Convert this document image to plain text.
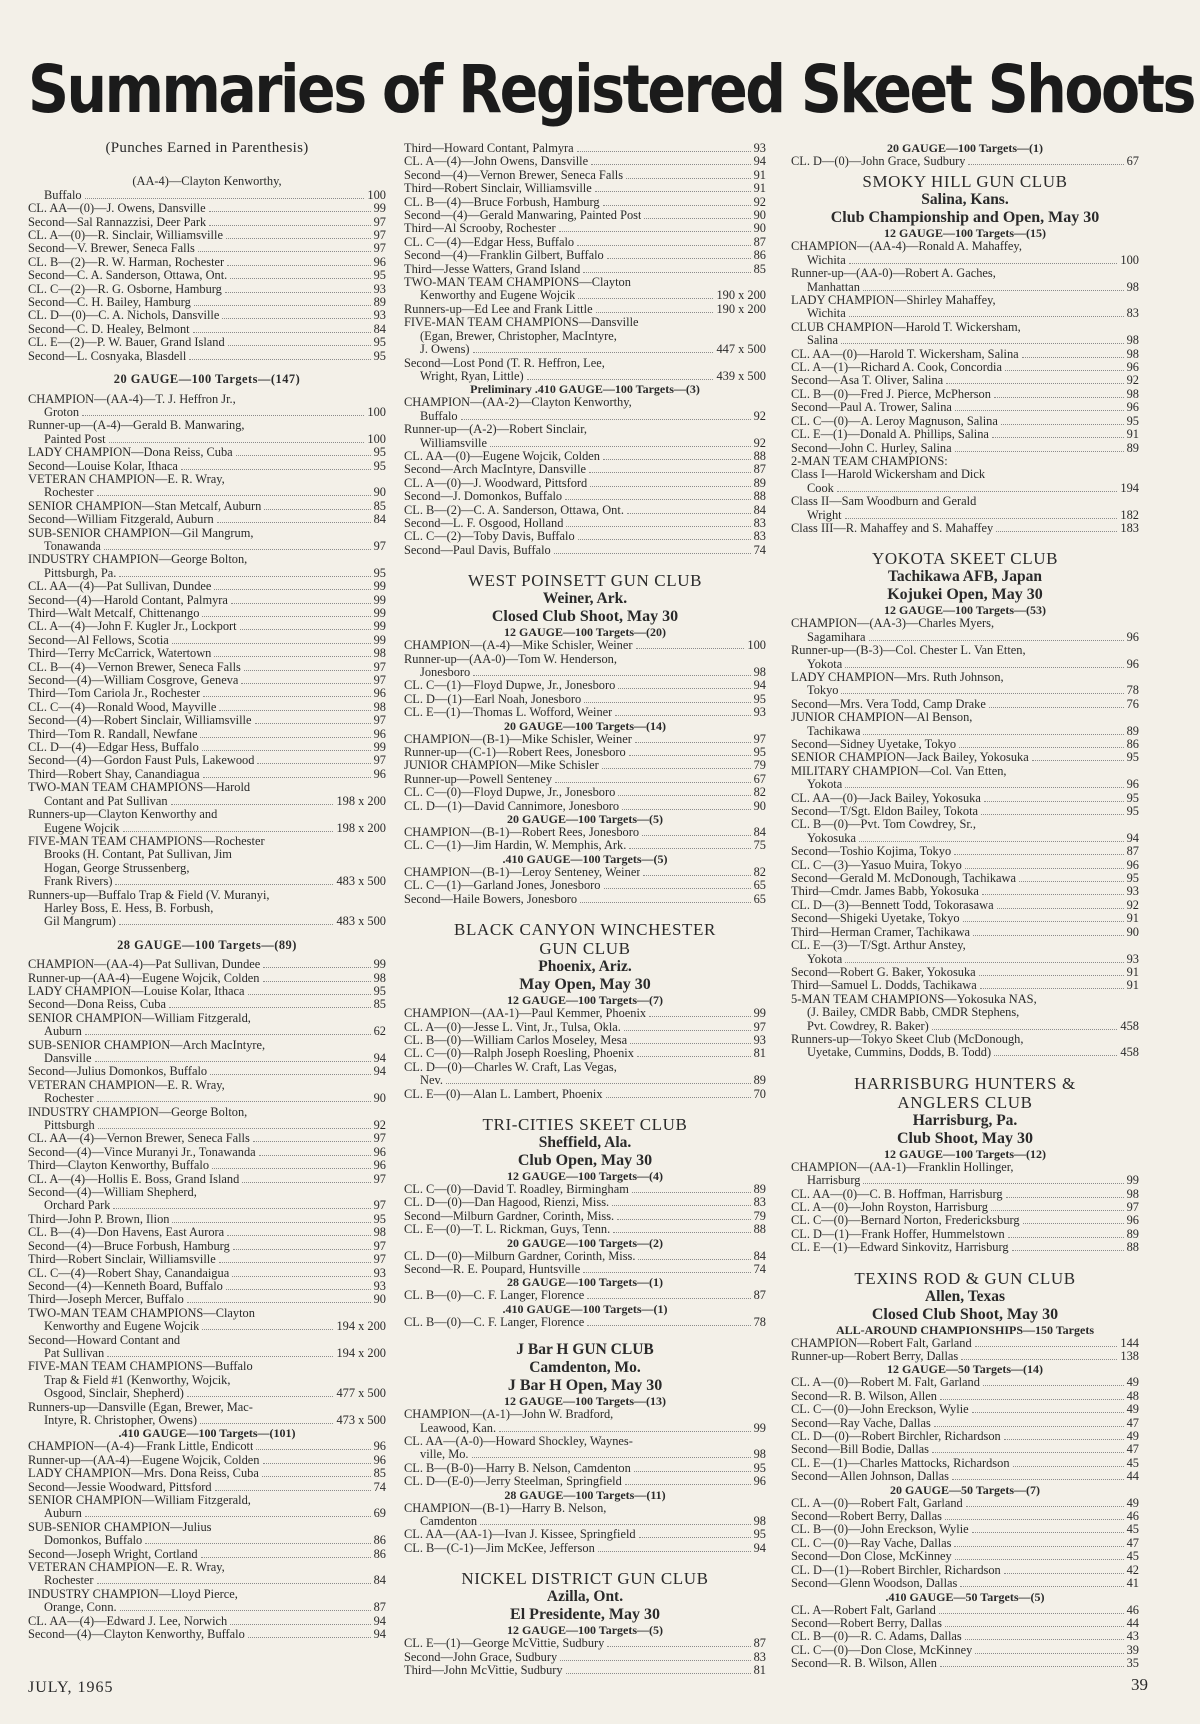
Summaries of Registered Skeet Shoots
(Punches Earned in Parenthesis)
(AA-4)—Clayton Kenworthy,
Buffalo	100
CL. AA—(0)—J. Owens, Dansville	99
Second—Sal Rannazzisi, Deer Park	97
CL. A—(0)—R. Sinclair, Williamsville	97
Second—V. Brewer, Seneca Falls	97
CL. B—(2)—R. W. Harman, Rochester	96
Second—C. A. Sanderson, Ottawa, Ont.	95
CL. C—(2)—R. G. Osborne, Hamburg	93
Second—C. H. Bailey, Hamburg	89
CL. D—(0)—C. A. Nichols, Dansville	93
Second—C. D. Healey, Belmont	84
CL. E—(2)—P. W. Bauer, Grand Island	95
Second—L. Cosnyaka, Blasdell	95
20 GAUGE—100 Targets—(147)
CHAMPION—(AA-4)—T. J. Heffron Jr.,
Groton	100
Runner-up—(A-4)—Gerald B. Manwaring,
Painted Post	100
LADY CHAMPION—Dona Reiss, Cuba	95
Second—Louise Kolar, Ithaca	95
VETERAN CHAMPION—E. R. Wray,
Rochester	90
SENIOR CHAMPION—Stan Metcalf, Auburn	85
Second—William Fitzgerald, Auburn	84
SUB-SENIOR CHAMPION—Gil Mangrum,
Tonawanda	97
INDUSTRY CHAMPION—George Bolton,
Pittsburgh, Pa.	95
CL. AA—(4)—Pat Sullivan, Dundee	99
Second—(4)—Harold Contant, Palmyra	99
Third—Walt Metcalf, Chittenango	99
CL. A—(4)—John F. Kugler Jr., Lockport	99
Second—Al Fellows, Scotia	99
Third—Terry McCarrick, Watertown	98
CL. B—(4)—Vernon Brewer, Seneca Falls	97
Second—(4)—William Cosgrove, Geneva	97
Third—Tom Cariola Jr., Rochester	96
CL. C—(4)—Ronald Wood, Mayville	98
Second—(4)—Robert Sinclair, Williamsville	97
Third—Tom R. Randall, Newfane	96
CL. D—(4)—Edgar Hess, Buffalo	99
Second—(4)—Gordon Faust Puls, Lakewood	97
Third—Robert Shay, Canandiagua	96
TWO-MAN TEAM CHAMPIONS—Harold
Contant and Pat Sullivan	198 x 200
Runners-up—Clayton Kenworthy and
Eugene Wojcik	198 x 200
FIVE-MAN TEAM CHAMPIONS—Rochester
Brooks (H. Contant, Pat Sullivan, Jim
Hogan, George Strussenberg,
Frank Rivers)	483 x 500
Runners-up—Buffalo Trap & Field (V. Muranyi,
Harley Boss, E. Hess, B. Forbush,
Gil Mangrum)	483 x 500
28 GAUGE—100 Targets—(89)
CHAMPION—(AA-4)—Pat Sullivan, Dundee	99
Runner-up—(AA-4)—Eugene Wojcik, Colden	98
LADY CHAMPION—Louise Kolar, Ithaca	95
Second—Dona Reiss, Cuba	85
SENIOR CHAMPION—William Fitzgerald,
Auburn	62
SUB-SENIOR CHAMPION—Arch MacIntyre,
Dansville	94
Second—Julius Domonkos, Buffalo	94
VETERAN CHAMPION—E. R. Wray,
Rochester	90
INDUSTRY CHAMPION—George Bolton,
Pittsburgh	92
CL. AA—(4)—Vernon Brewer, Seneca Falls	97
Second—(4)—Vince Muranyi Jr., Tonawanda	96
Third—Clayton Kenworthy, Buffalo	96
CL. A—(4)—Hollis E. Boss, Grand Island	97
Second—(4)—William Shepherd,
Orchard Park	97
Third—John P. Brown, Ilion	95
CL. B—(4)—Don Havens, East Aurora	98
Second—(4)—Bruce Forbush, Hamburg	97
Third—Robert Sinclair, Williamsville	97
CL. C—(4)—Robert Shay, Canandaigua	93
Second—(4)—Kenneth Board, Buffalo	93
Third—Joseph Mercer, Buffalo	90
TWO-MAN TEAM CHAMPIONS—Clayton
Kenworthy and Eugene Wojcik	194 x 200
Second—Howard Contant and
Pat Sullivan	194 x 200
FIVE-MAN TEAM CHAMPIONS—Buffalo
Trap & Field #1 (Kenworthy, Wojcik,
Osgood, Sinclair, Shepherd)	477 x 500
Runners-up—Dansville (Egan, Brewer, Mac-
Intyre, R. Christopher, Owens)	473 x 500
.410 GAUGE—100 Targets—(101)
CHAMPION—(A-4)—Frank Little, Endicott	96
Runner-up—(AA-4)—Eugene Wojcik, Colden	96
LADY CHAMPION—Mrs. Dona Reiss, Cuba	85
Second—Jessie Woodward, Pittsford	74
SENIOR CHAMPION—William Fitzgerald,
Auburn	69
SUB-SENIOR CHAMPION—Julius
Domonkos, Buffalo	86
Second—Joseph Wright, Cortland	86
VETERAN CHAMPION—E. R. Wray,
Rochester	84
INDUSTRY CHAMPION—Lloyd Pierce,
Orange, Conn.	87
CL. AA—(4)—Edward J. Lee, Norwich	94
Second—(4)—Clayton Kenworthy, Buffalo	94
Third—Howard Contant, Palmyra	93
CL. A—(4)—John Owens, Dansville	94
Second—(4)—Vernon Brewer, Seneca Falls	91
Third—Robert Sinclair, Williamsville	91
CL. B—(4)—Bruce Forbush, Hamburg	92
Second—(4)—Gerald Manwaring, Painted Post	90
Third—Al Scrooby, Rochester	90
CL. C—(4)—Edgar Hess, Buffalo	87
Second—(4)—Franklin Gilbert, Buffalo	86
Third—Jesse Watters, Grand Island	85
TWO-MAN TEAM CHAMPIONS—Clayton
Kenworthy and Eugene Wojcik	190 x 200
Runners-up—Ed Lee and Frank Little	190 x 200
FIVE-MAN TEAM CHAMPIONS—Dansville
(Egan, Brewer, Christopher, MacIntyre,
J. Owens)	447 x 500
Second—Lost Pond (T. R. Heffron, Lee,
Wright, Ryan, Little)	439 x 500
Preliminary .410 GAUGE—100 Targets—(3)
CHAMPION—(AA-2)—Clayton Kenworthy,
Buffalo	92
Runner-up—(A-2)—Robert Sinclair,
Williamsville	92
CL. AA—(0)—Eugene Wojcik, Colden	88
Second—Arch MacIntyre, Dansville	87
CL. A—(0)—J. Woodward, Pittsford	89
Second—J. Domonkos, Buffalo	88
CL. B—(2)—C. A. Sanderson, Ottawa, Ont.	84
Second—L. F. Osgood, Holland	83
CL. C—(2)—Toby Davis, Buffalo	83
Second—Paul Davis, Buffalo	74
WEST POINSETT GUN CLUB
Weiner, Ark.
Closed Club Shoot, May 30
12 GAUGE—100 Targets—(20)
CHAMPION—(A-4)—Mike Schisler, Weiner	100
Runner-up—(AA-0)—Tom W. Henderson,
Jonesboro	98
CL. C—(1)—Floyd Dupwe, Jr., Jonesboro	94
CL. D—(1)—Earl Noah, Jonesboro	95
CL. E—(1)—Thomas L. Wofford, Weiner	93
20 GAUGE—100 Targets—(14)
CHAMPION—(B-1)—Mike Schisler, Weiner	97
Runner-up—(C-1)—Robert Rees, Jonesboro	95
JUNIOR CHAMPION—Mike Schisler	79
Runner-up—Powell Senteney	67
CL. C—(0)—Floyd Dupwe, Jr., Jonesboro	82
CL. D—(1)—David Cannimore, Jonesboro	90
20 GAUGE—100 Targets—(5)
CHAMPION—(B-1)—Robert Rees, Jonesboro	84
CL. C—(1)—Jim Hardin, W. Memphis, Ark.	75
.410 GAUGE—100 Targets—(5)
CHAMPION—(B-1)—Leroy Senteney, Weiner	82
CL. C—(1)—Garland Jones, Jonesboro	65
Second—Haile Bowers, Jonesboro	65
BLACK CANYON WINCHESTER
GUN CLUB
Phoenix, Ariz.
May Open, May 30
12 GAUGE—100 Targets—(7)
CHAMPION—(AA-1)—Paul Kemmer, Phoenix	99
CL. A—(0)—Jesse L. Vint, Jr., Tulsa, Okla.	97
CL. B—(0)—William Carlos Moseley, Mesa	93
CL. C—(0)—Ralph Joseph Roesling, Phoenix	81
CL. D—(0)—Charles W. Craft, Las Vegas,
Nev.	89
CL. E—(0)—Alan L. Lambert, Phoenix	70
TRI-CITIES SKEET CLUB
Sheffield, Ala.
Club Open, May 30
12 GAUGE—100 Targets—(4)
CL. C—(0)—David T. Roadley, Birmingham	89
CL. D—(0)—Dan Hagood, Rienzi, Miss.	83
Second—Milburn Gardner, Corinth, Miss.	79
CL. E—(0)—T. L. Rickman, Guys, Tenn.	88
20 GAUGE—100 Targets—(2)
CL. D—(0)—Milburn Gardner, Corinth, Miss.	84
Second—R. E. Poupard, Huntsville	74
28 GAUGE—100 Targets—(1)
CL. B—(0)—C. F. Langer, Florence	87
.410 GAUGE—100 Targets—(1)
CL. B—(0)—C. F. Langer, Florence	78
J Bar H GUN CLUB
Camdenton, Mo.
J Bar H Open, May 30
12 GAUGE—100 Targets—(13)
CHAMPION—(A-1)—John W. Bradford,
Leawood, Kan.	99
CL. AA—(A-0)—Howard Shockley, Waynes-
ville, Mo.	98
CL. B—(B-0)—Harry B. Nelson, Camdenton	95
CL. D—(E-0)—Jerry Steelman, Springfield	96
28 GAUGE—100 Targets—(11)
CHAMPION—(B-1)—Harry B. Nelson,
Camdenton	98
CL. AA—(AA-1)—Ivan J. Kissee, Springfield	95
CL. B—(C-1)—Jim McKee, Jefferson	94
NICKEL DISTRICT GUN CLUB
Azilla, Ont.
El Presidente, May 30
12 GAUGE—100 Targets—(5)
CL. E—(1)—George McVittie, Sudbury	87
Second—John Grace, Sudbury	83
Third—John McVittie, Sudbury	81
20 GAUGE—100 Targets—(1)
CL. D—(0)—John Grace, Sudbury	67
SMOKY HILL GUN CLUB
Salina, Kans.
Club Championship and Open, May 30
12 GAUGE—100 Targets—(15)
CHAMPION—(AA-4)—Ronald A. Mahaffey,
Wichita	100
Runner-up—(AA-0)—Robert A. Gaches,
Manhattan	98
LADY CHAMPION—Shirley Mahaffey,
Wichita	83
CLUB CHAMPION—Harold T. Wickersham,
Salina	98
CL. AA—(0)—Harold T. Wickersham, Salina	98
CL. A—(1)—Richard A. Cook, Concordia	96
Second—Asa T. Oliver, Salina	92
CL. B—(0)—Fred J. Pierce, McPherson	98
Second—Paul A. Trower, Salina	96
CL. C—(0)—A. Leroy Magnuson, Salina	95
CL. E—(1)—Donald A. Phillips, Salina	91
Second—John C. Hurley, Salina	89
2-MAN TEAM CHAMPIONS:
Class I—Harold Wickersham and Dick
Cook	194
Class II—Sam Woodburn and Gerald
Wright	182
Class III—R. Mahaffey and S. Mahaffey	183
YOKOTA SKEET CLUB
Tachikawa AFB, Japan
Kojukei Open, May 30
12 GAUGE—100 Targets—(53)
CHAMPION—(AA-3)—Charles Myers,
Sagamihara	96
Runner-up—(B-3)—Col. Chester L. Van Etten,
Yokota	96
LADY CHAMPION—Mrs. Ruth Johnson,
Tokyo	78
Second—Mrs. Vera Todd, Camp Drake	76
JUNIOR CHAMPION—Al Benson,
Tachikawa	89
Second—Sidney Uyetake, Tokyo	86
SENIOR CHAMPION—Jack Bailey, Yokosuka	95
MILITARY CHAMPION—Col. Van Etten,
Yokota	96
CL. AA—(0)—Jack Bailey, Yokosuka	95
Second—T/Sgt. Eldon Bailey, Tokota	95
CL. B—(0)—Pvt. Tom Cowdrey, Sr.,
Yokosuka	94
Second—Toshio Kojima, Tokyo	87
CL. C—(3)—Yasuo Muira, Tokyo	96
Second—Gerald M. McDonough, Tachikawa	95
Third—Cmdr. James Babb, Yokosuka	93
CL. D—(3)—Bennett Todd, Tokorasawa	92
Second—Shigeki Uyetake, Tokyo	91
Third—Herman Cramer, Tachikawa	90
CL. E—(3)—T/Sgt. Arthur Anstey,
Yokota	93
Second—Robert G. Baker, Yokosuka	91
Third—Samuel L. Dodds, Tachikawa	91
5-MAN TEAM CHAMPIONS—Yokosuka NAS,
(J. Bailey, CMDR Babb, CMDR Stephens,
Pvt. Cowdrey, R. Baker)	458
Runners-up—Tokyo Skeet Club (McDonough,
Uyetake, Cummins, Dodds, B. Todd)	458
HARRISBURG HUNTERS &
ANGLERS CLUB
Harrisburg, Pa.
Club Shoot, May 30
12 GAUGE—100 Targets—(12)
CHAMPION—(AA-1)—Franklin Hollinger,
Harrisburg	99
CL. AA—(0)—C. B. Hoffman, Harrisburg	98
CL. A—(0)—John Royston, Harrisburg	97
CL. C—(0)—Bernard Norton, Fredericksburg	96
CL. D—(1)—Frank Hoffer, Hummelstown	89
CL. E—(1)—Edward Sinkovitz, Harrisburg	88
TEXINS ROD & GUN CLUB
Allen, Texas
Closed Club Shoot, May 30
ALL-AROUND CHAMPIONSHIPS—150 Targets
CHAMPION—Robert Falt, Garland	144
Runner-up—Robert Berry, Dallas	138
12 GAUGE—50 Targets—(14)
CL. A—(0)—Robert M. Falt, Garland	49
Second—R. B. Wilson, Allen	48
CL. C—(0)—John Ereckson, Wylie	49
Second—Ray Vache, Dallas	47
CL. D—(0)—Robert Birchler, Richardson	49
Second—Bill Bodie, Dallas	47
CL. E—(1)—Charles Mattocks, Richardson	45
Second—Allen Johnson, Dallas	44
20 GAUGE—50 Targets—(7)
CL. A—(0)—Robert Falt, Garland	49
Second—Robert Berry, Dallas	46
CL. B—(0)—John Ereckson, Wylie	45
CL. C—(0)—Ray Vache, Dallas	47
Second—Don Close, McKinney	45
CL. D—(1)—Robert Birchler, Richardson	42
Second—Glenn Woodson, Dallas	41
.410 GAUGE—50 Targets—(5)
CL. A—Robert Falt, Garland	46
Second—Robert Berry, Dallas	44
CL. B—(0)—R. C. Adams, Dallas	43
CL. C—(0)—Don Close, McKinney	39
Second—R. B. Wilson, Allen	35
JULY, 1965	39
